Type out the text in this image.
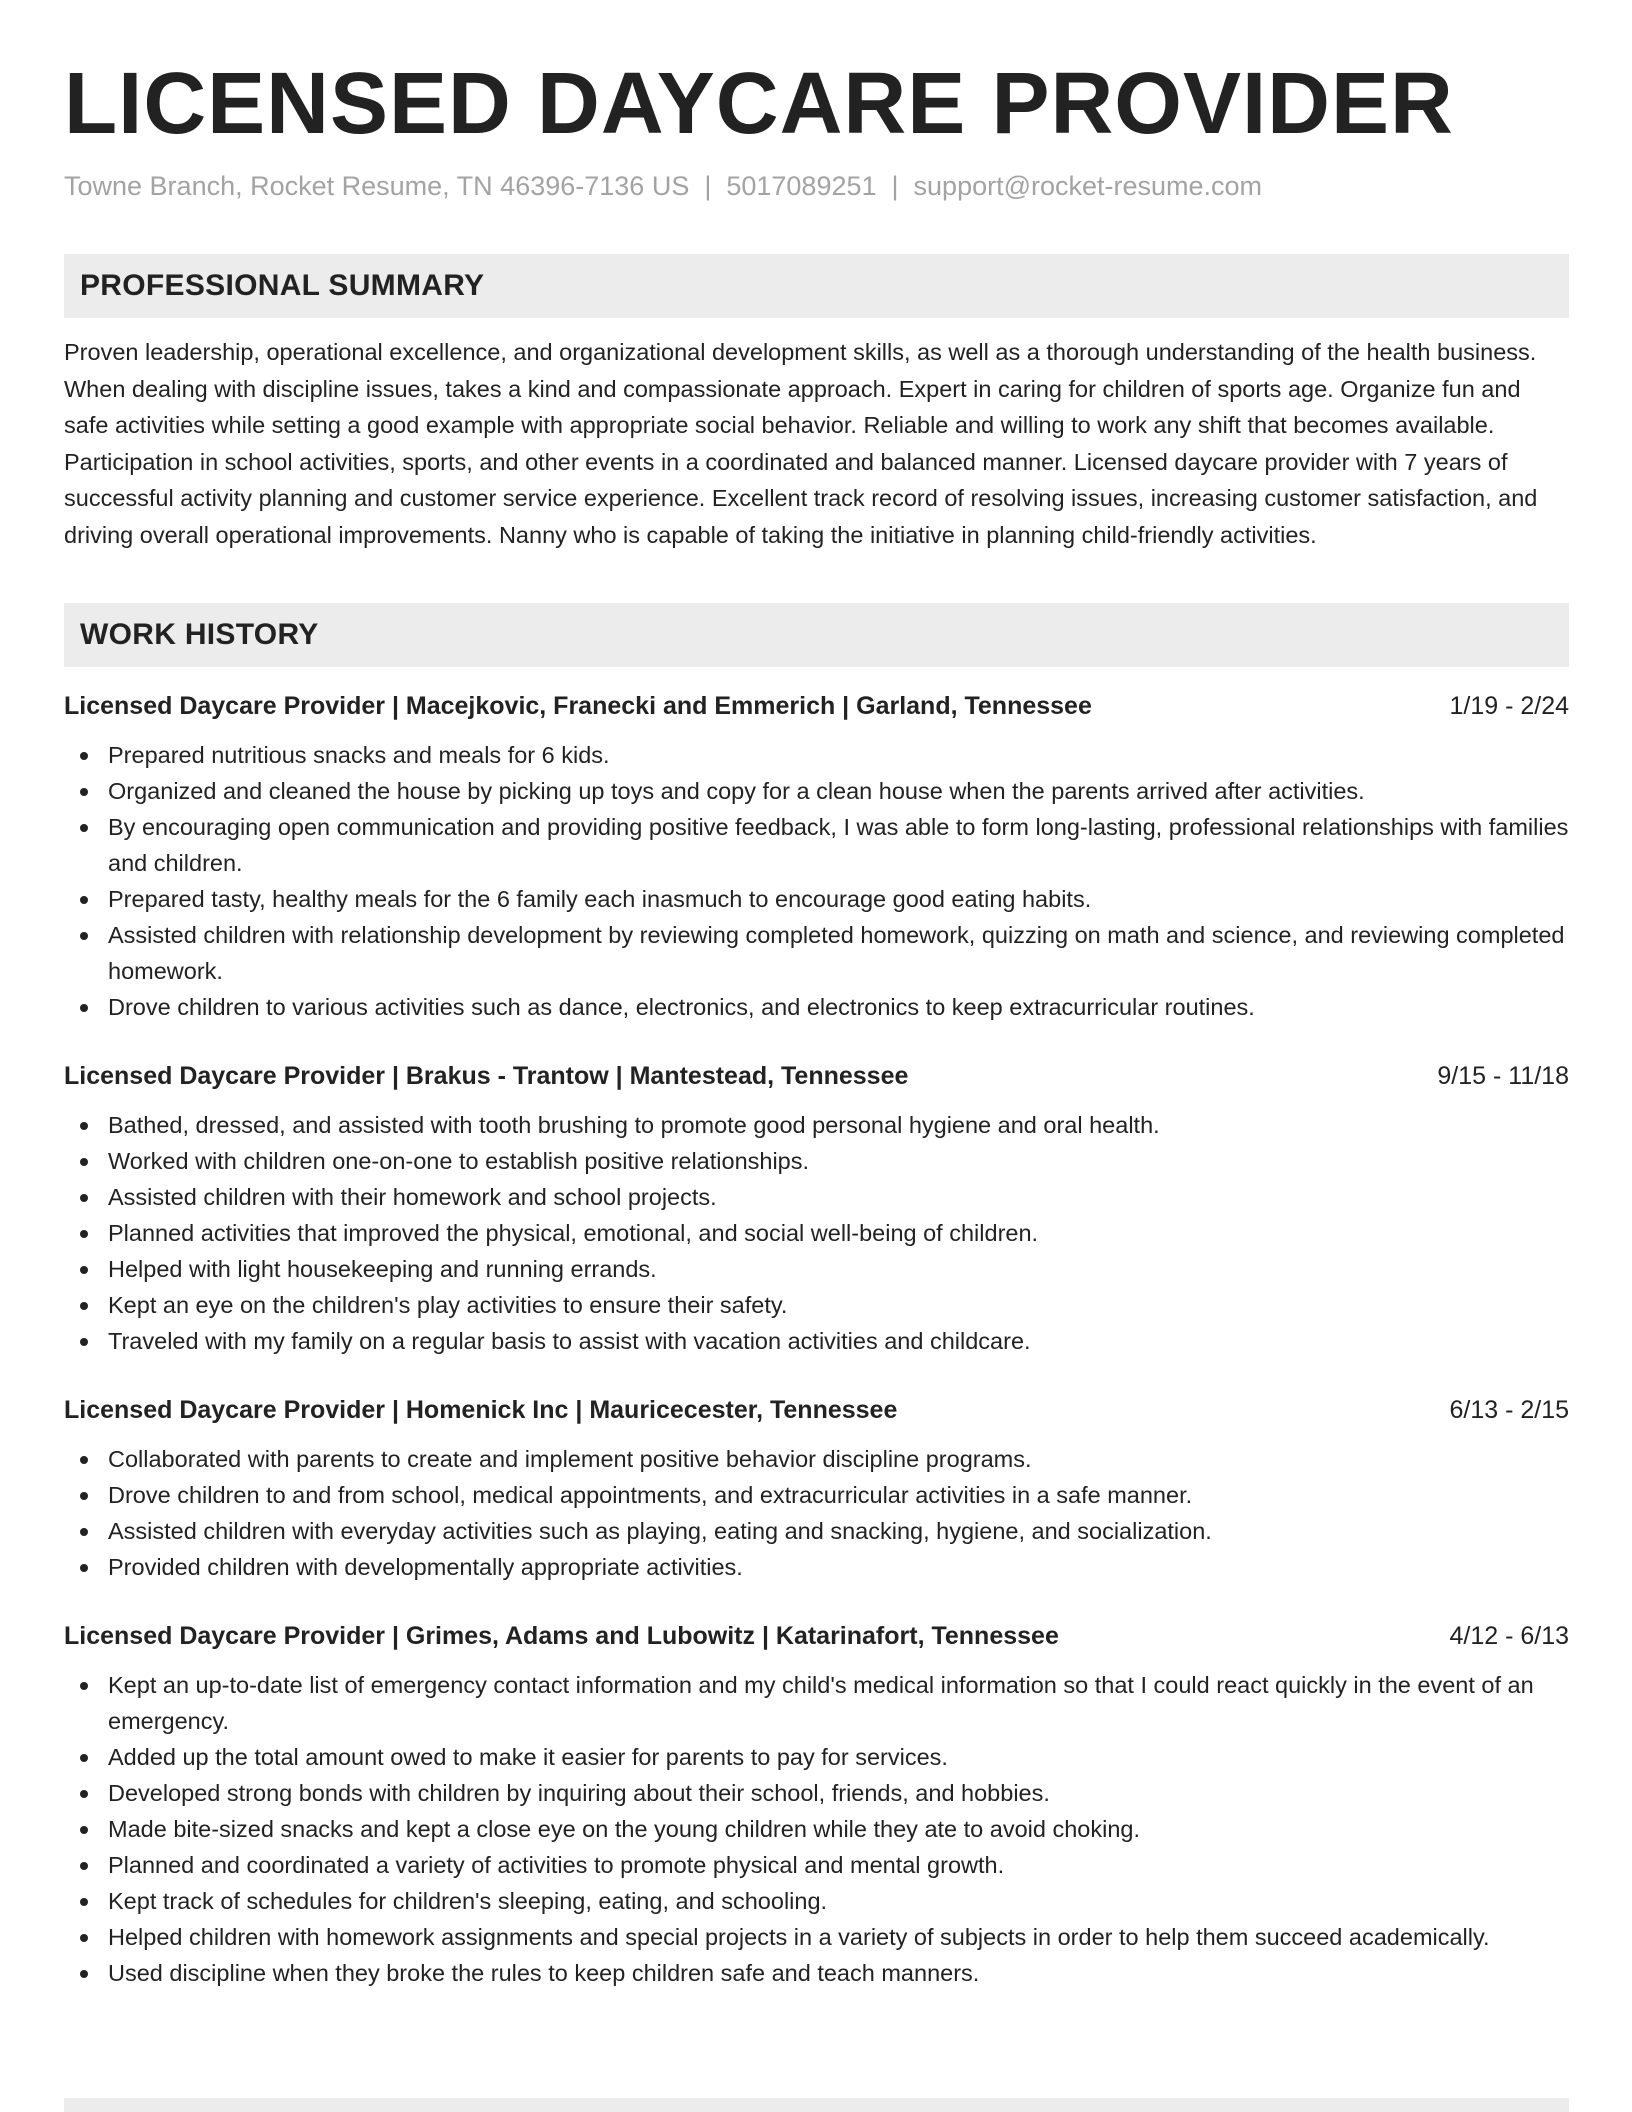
LICENSED DAYCARE PROVIDER
Towne Branch, Rocket Resume, TN 46396-7136 US | 5017089251 | support@rocket-resume.com
PROFESSIONAL SUMMARY

Proven leadership, operational excellence, and organizational development skills, as well as a thorough understanding of the health business. When dealing with discipline issues, takes a kind and compassionate approach. Expert in caring for children of sports age. Organize fun and safe activities while setting a good example with appropriate social behavior. Reliable and willing to work any shift that becomes available. Participation in school activities, sports, and other events in a coordinated and balanced manner. Licensed daycare provider with 7 years of successful activity planning and customer service experience. Excellent track record of resolving issues, increasing customer satisfaction, and driving overall operational improvements. Nanny who is capable of taking the initiative in planning child-friendly activities.

WORK HISTORY
Licensed Daycare Provider | Macejkovic, Franecki and Emmerich | Garland, Tennessee	1/19 - 2/24
Prepared nutritious snacks and meals for 6 kids.
Organized and cleaned the house by picking up toys and copy for a clean house when the parents arrived after activities.
By encouraging open communication and providing positive feedback, I was able to form long-lasting, professional relationships with families and children.
Prepared tasty, healthy meals for the 6 family each inasmuch to encourage good eating habits.
Assisted children with relationship development by reviewing completed homework, quizzing on math and science, and reviewing completed homework.
Drove children to various activities such as dance, electronics, and electronics to keep extracurricular routines.
Licensed Daycare Provider | Brakus - Trantow | Mantestead, Tennessee	9/15 - 11/18
Bathed, dressed, and assisted with tooth brushing to promote good personal hygiene and oral health.
Worked with children one-on-one to establish positive relationships.
Assisted children with their homework and school projects.
Planned activities that improved the physical, emotional, and social well-being of children.
Helped with light housekeeping and running errands.
Kept an eye on the children's play activities to ensure their safety.
Traveled with my family on a regular basis to assist with vacation activities and childcare.
Licensed Daycare Provider | Homenick Inc | Mauricecester, Tennessee	6/13 - 2/15
Collaborated with parents to create and implement positive behavior discipline programs.
Drove children to and from school, medical appointments, and extracurricular activities in a safe manner.
Assisted children with everyday activities such as playing, eating and snacking, hygiene, and socialization.
Provided children with developmentally appropriate activities.
Licensed Daycare Provider | Grimes, Adams and Lubowitz | Katarinafort, Tennessee	4/12 - 6/13
Kept an up-to-date list of emergency contact information and my child's medical information so that I could react quickly in the event of an emergency.
Added up the total amount owed to make it easier for parents to pay for services.
Developed strong bonds with children by inquiring about their school, friends, and hobbies.
Made bite-sized snacks and kept a close eye on the young children while they ate to avoid choking.
Planned and coordinated a variety of activities to promote physical and mental growth.
Kept track of schedules for children's sleeping, eating, and schooling.
Helped children with homework assignments and special projects in a variety of subjects in order to help them succeed academically.
Used discipline when they broke the rules to keep children safe and teach manners.
